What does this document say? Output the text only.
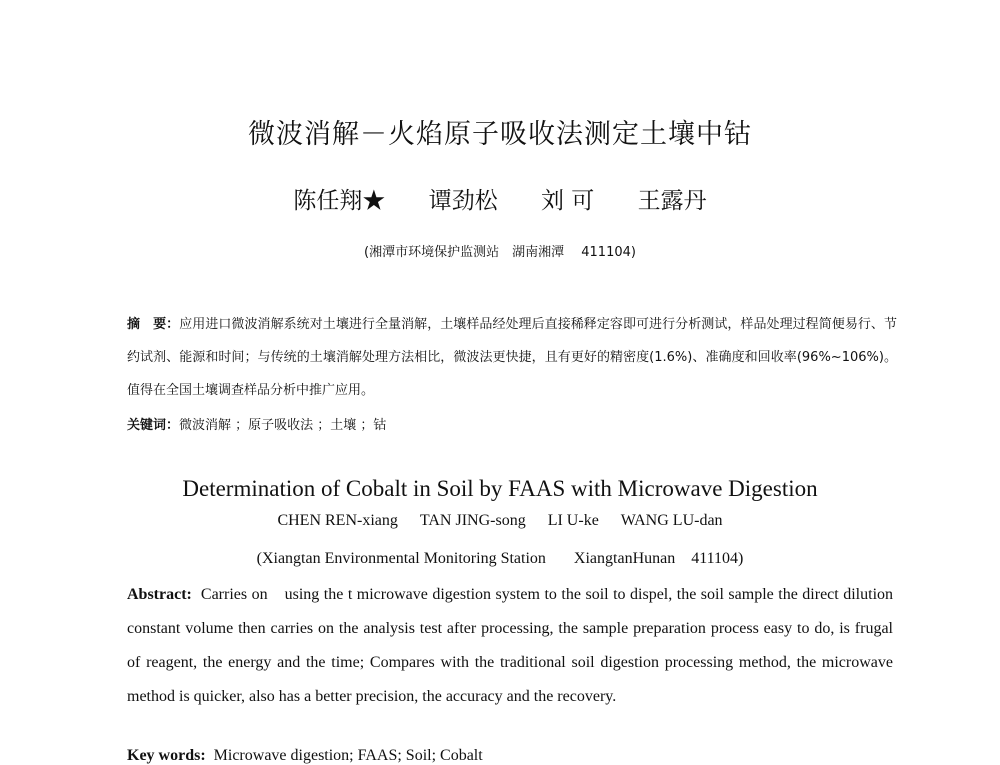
微波消解－火焰原子吸收法测定土壤中钴
陈任翔★ 谭劲松 刘 可 王露丹
(湘潭市环境保护监测站　湖南湘潭　 411104)
摘　要：应用进口微波消解系统对土壤进行全量消解，土壤样品经处理后直接稀释定容即可进行分析测试，样品处理过程简便易行、节约试剂、能源和时间；与传统的土壤消解处理方法相比，微波法更快捷，且有更好的精密度(1.6%)、准确度和回收率(96%~106%)。值得在全国土壤调查样品分析中推广应用。
关键词：微波消解 ；原子吸收法 ；土壤 ；钴
Determination of Cobalt in Soil by FAAS with Microwave Digestion
CHEN REN-xiang TAN JING-song LI U-ke WANG LU-dan
(Xiangtan Environmental Monitoring Station XiangtanHunan　411104)
Abstract: Carries on　using the t microwave digestion system to the soil to dispel, the soil sample the direct dilution constant volume then carries on the analysis test after processing, the sample preparation process easy to do, is frugal of reagent, the energy and the time; Compares with the traditional soil digestion processing method, the microwave method is quicker, also has a better precision, the accuracy and the recovery.
Key words: Microwave digestion; FAAS; Soil; Cobalt
